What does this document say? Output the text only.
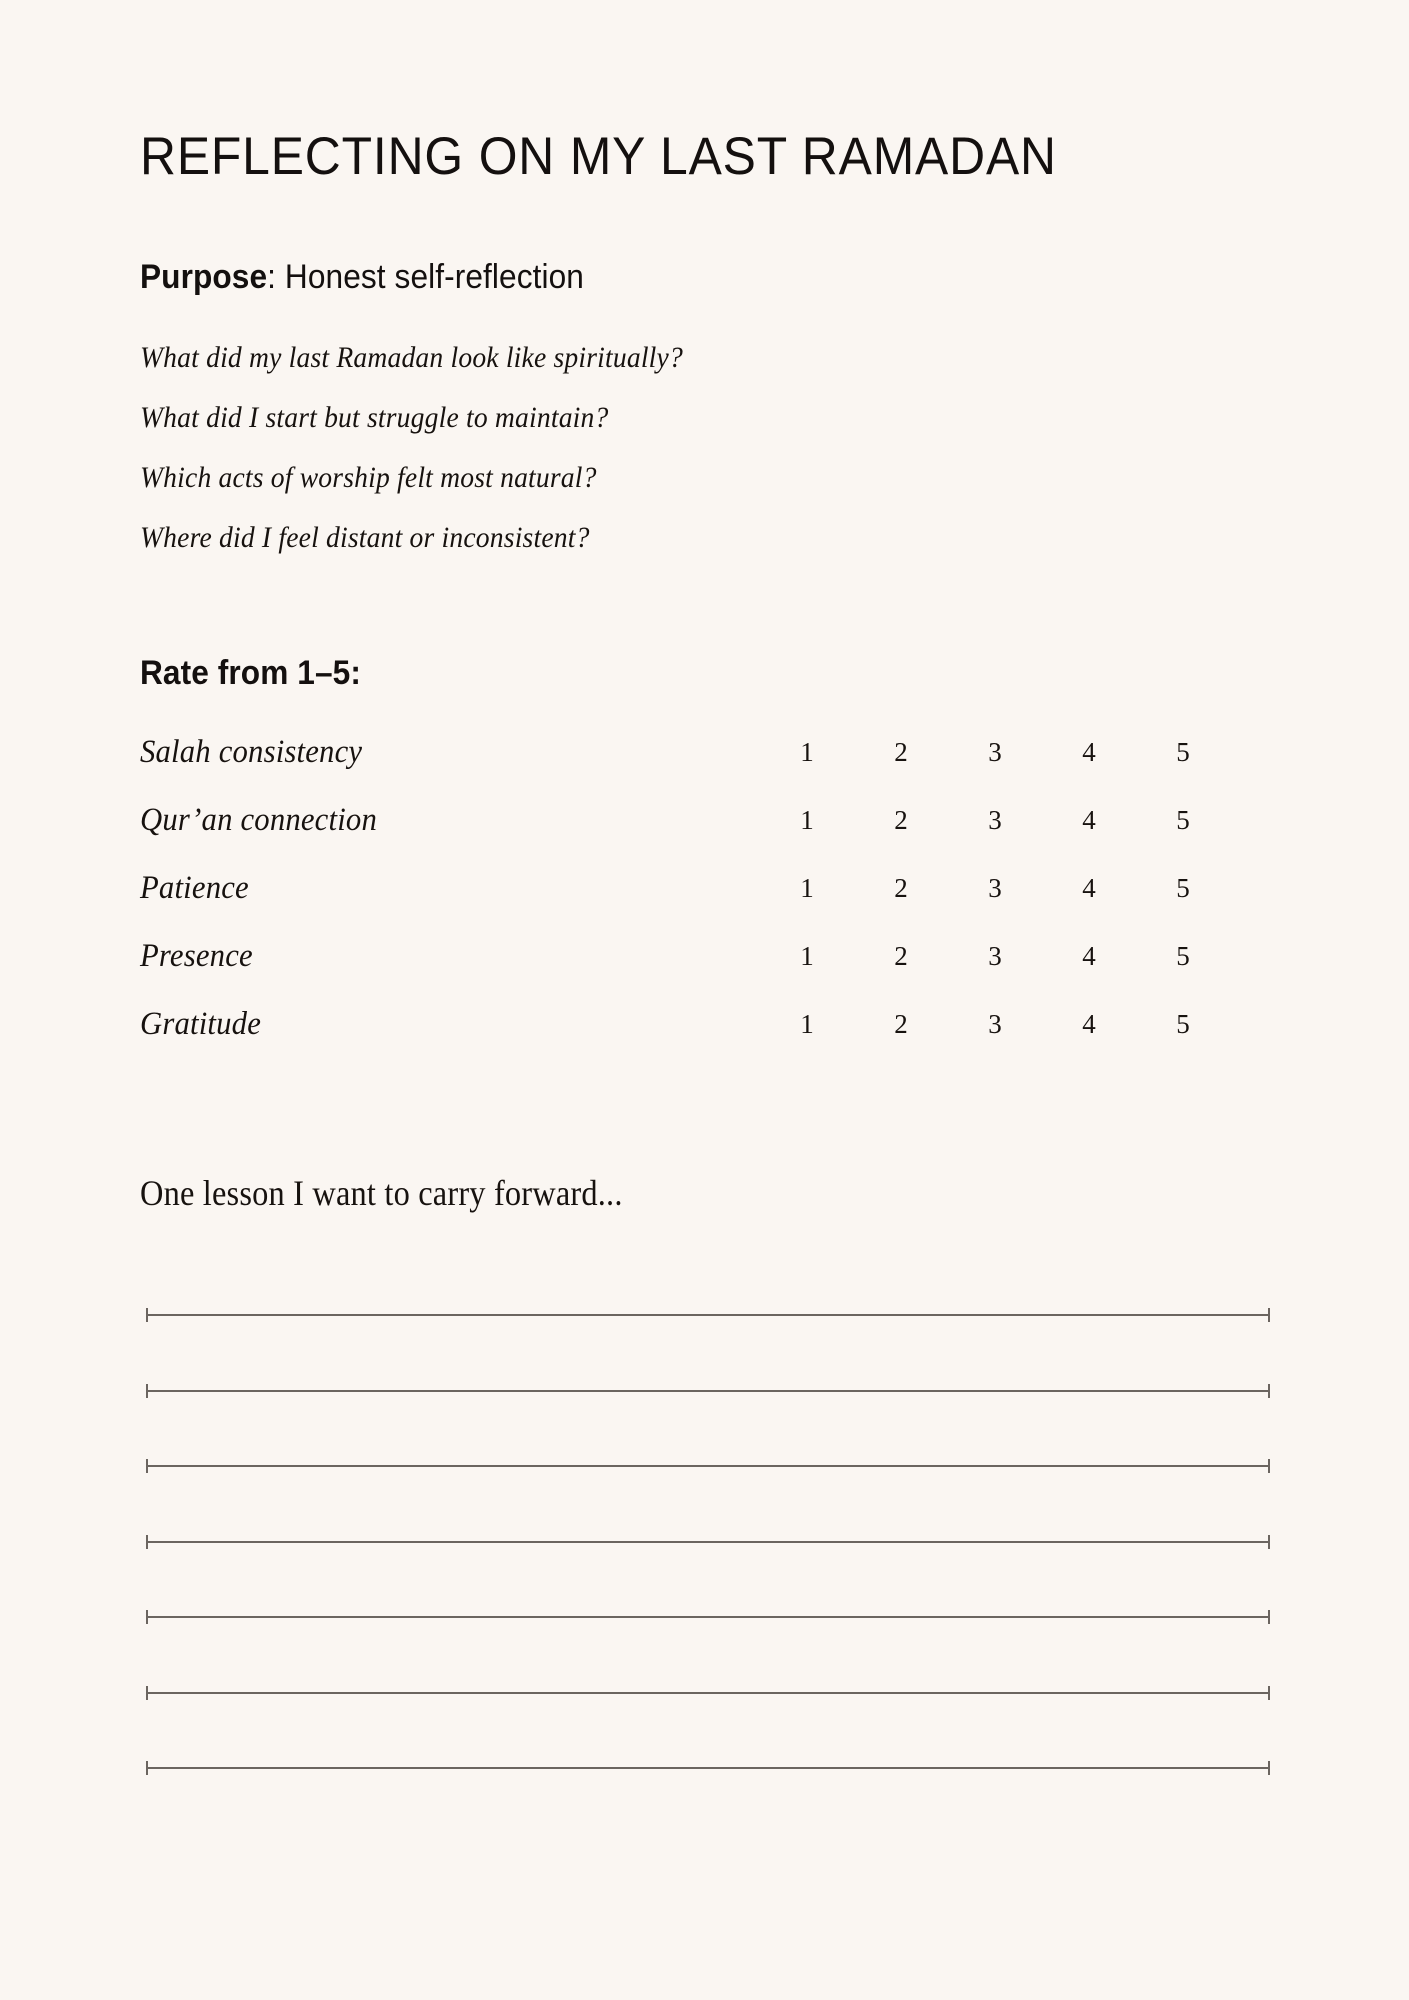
REFLECTING ON MY LAST RAMADAN
Purpose: Honest self-reflection
What did my last Ramadan look like spiritually?
What did I start but struggle to maintain?
Which acts of worship felt most natural?
Where did I feel distant or inconsistent?
Rate from 1–5:
Salah consistency	1	2	3	4	5
Qur’an connection	1	2	3	4	5
Patience	1	2	3	4	5
Presence	1	2	3	4	5
Gratitude	1	2	3	4	5
One lesson I want to carry forward...
